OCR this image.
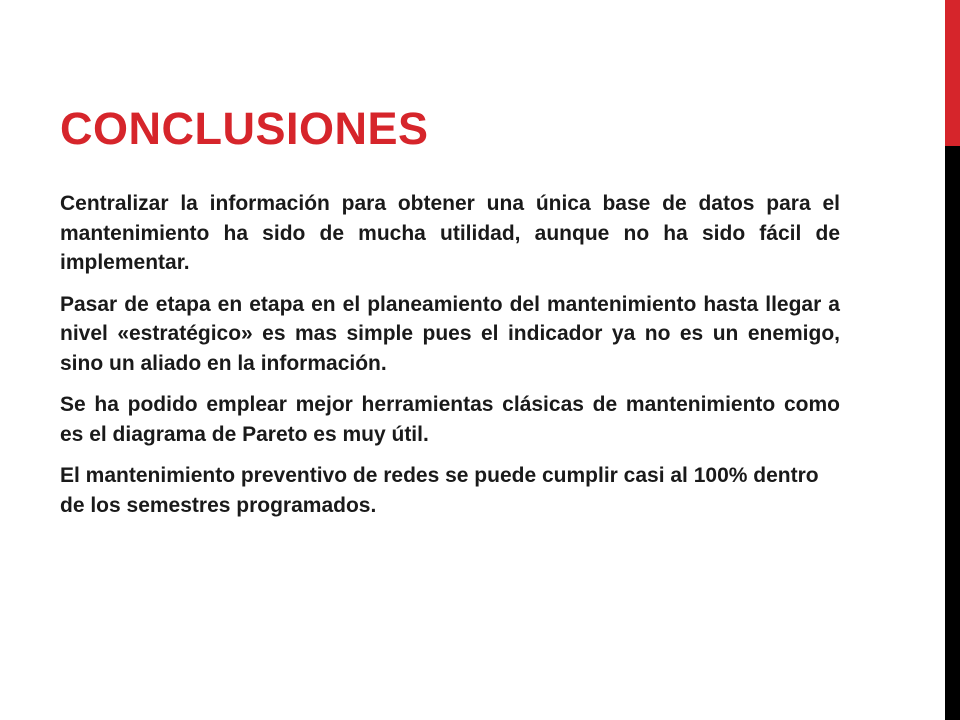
CONCLUSIONES

Centralizar la información para obtener una única base de datos para el mantenimiento ha sido de mucha utilidad, aunque no ha sido fácil de implementar.

Pasar de etapa en etapa en el planeamiento del mantenimiento hasta llegar a nivel «estratégico» es mas simple pues el indicador ya no es un enemigo, sino un aliado en la información.

Se ha podido emplear mejor herramientas clásicas de mantenimiento como es el diagrama de Pareto es muy útil.

El mantenimiento preventivo de redes se puede cumplir casi al 100% dentro de los semestres programados.
